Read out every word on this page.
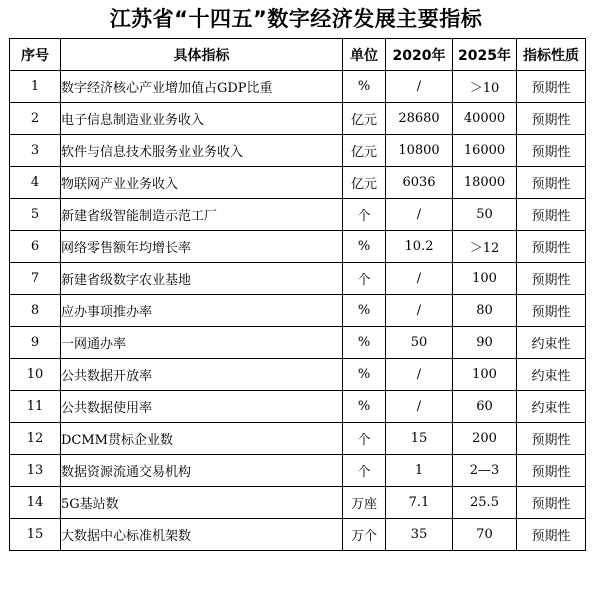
江苏省“十四五”数字经济发展主要指标
序号	具体指标	单位	2020年	2025年	指标性质
1	数字经济核心产业增加值占GDP比重	%	/	＞10	预期性
2	电子信息制造业业务收入	亿元	28680	40000	预期性
3	软件与信息技术服务业业务收入	亿元	10800	16000	预期性
4	物联网产业业务收入	亿元	6036	18000	预期性
5	新建省级智能制造示范工厂	个	/	50	预期性
6	网络零售额年均增长率	%	10.2	＞12	预期性
7	新建省级数字农业基地	个	/	100	预期性
8	应办事项推办率	%	/	80	预期性
9	一网通办率	%	50	90	约束性
10	公共数据开放率	%	/	100	约束性
11	公共数据使用率	%	/	60	约束性
12	DCMM贯标企业数	个	15	200	预期性
13	数据资源流通交易机构	个	1	2—3	预期性
14	5G基站数	万座	7.1	25.5	预期性
15	大数据中心标准机架数	万个	35	70	预期性
